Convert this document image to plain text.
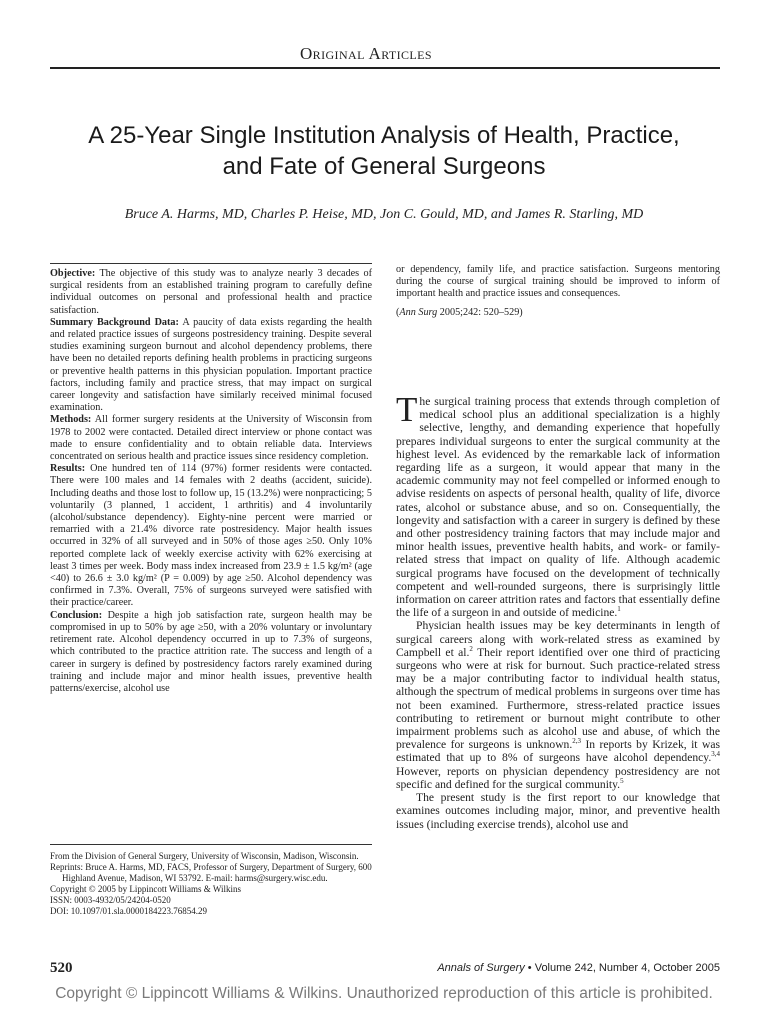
Original Articles
A 25-Year Single Institution Analysis of Health, Practice,
and Fate of General Surgeons
Bruce A. Harms, MD, Charles P. Heise, MD, Jon C. Gould, MD, and James R. Starling, MD

Objective: The objective of this study was to analyze nearly 3 decades of surgical residents from an established training program to carefully define individual outcomes on personal and professional health and practice satisfaction.

Summary Background Data: A paucity of data exists regarding the health and related practice issues of surgeons postresidency training. Despite several studies examining surgeon burnout and alcohol dependency problems, there have been no detailed reports defining health problems in practicing surgeons or preventive health patterns in this physician population. Important practice factors, including family and practice stress, that may impact on surgical career longevity and satisfaction have similarly received minimal focused examination.

Methods: All former surgery residents at the University of Wisconsin from 1978 to 2002 were contacted. Detailed direct interview or phone contact was made to ensure confidentiality and to obtain reliable data. Interviews concentrated on serious health and practice issues since residency completion.

Results: One hundred ten of 114 (97%) former residents were contacted. There were 100 males and 14 females with 2 deaths (accident, suicide). Including deaths and those lost to follow up, 15 (13.2%) were nonpracticing; 5 voluntarily (3 planned, 1 accident, 1 arthritis) and 4 involuntarily (alcohol/substance dependency). Eighty-nine percent were married or remarried with a 21.4% divorce rate postresidency. Major health issues occurred in 32% of all surveyed and in 50% of those ages ≥50. Only 10% reported complete lack of weekly exercise activity with 62% exercising at least 3 times per week. Body mass index increased from 23.9 ± 1.5 kg/m² (age <40) to 26.6 ± 3.0 kg/m² (P = 0.009) by age ≥50. Alcohol dependency was confirmed in 7.3%. Overall, 75% of surgeons surveyed were satisfied with their practice/career.

Conclusion: Despite a high job satisfaction rate, surgeon health may be compromised in up to 50% by age ≥50, with a 20% voluntary or involuntary retirement rate. Alcohol dependency occurred in up to 7.3% of surgeons, which contributed to the practice attrition rate. The success and length of a career in surgery is defined by postresidency factors rarely examined during training and include major and minor health issues, preventive health patterns/exercise, alcohol use

or dependency, family life, and practice satisfaction. Surgeons mentoring during the course of surgical training should be improved to inform of important health and practice issues and consequences.

(Ann Surg 2005;242: 520–529)

The surgical training process that extends through completion of medical school plus an additional specialization is a highly selective, lengthy, and demanding experience that hopefully prepares individual surgeons to enter the surgical community at the highest level. As evidenced by the remarkable lack of information regarding life as a surgeon, it would appear that many in the academic community may not feel compelled or informed enough to advise residents on aspects of personal health, quality of life, divorce rates, alcohol or substance abuse, and so on. Consequentially, the longevity and satisfaction with a career in surgery is defined by these and other postresidency training factors that may include major and minor health issues, preventive health habits, and work- or family-related stress that impact on quality of life. Although academic surgical programs have focused on the development of technically competent and well-rounded surgeons, there is surprisingly little information on career attrition rates and factors that essentially define the life of a surgeon in and outside of medicine.$^1$

Physician health issues may be key determinants in length of surgical careers along with work-related stress as examined by Campbell et al.$^2$ Their report identified over one third of practicing surgeons who were at risk for burnout. Such practice-related stress may be a major contributing factor to individual health status, although the spectrum of medical problems in surgeons over time has not been examined. Furthermore, stress-related practice issues contributing to retirement or burnout might contribute to other impairment problems such as alcohol use and abuse, of which the prevalence for surgeons is unknown.$^{2,3}$ In reports by Krizek, it was estimated that up to 8% of surgeons have alcohol dependency.$^{3,4}$ However, reports on physician dependency postresidency are not specific and defined for the surgical community.$^5$

The present study is the first report to our knowledge that examines outcomes including major, minor, and preventive health issues (including exercise trends), alcohol use and

From the Division of General Surgery, University of Wisconsin, Madison, Wisconsin.
Reprints: Bruce A. Harms, MD, FACS, Professor of Surgery, Department of Surgery, 600 Highland Avenue, Madison, WI 53792. E-mail: harms@surgery.wisc.edu.
Copyright © 2005 by Lippincott Williams & Wilkins
ISSN: 0003-4932/05/24204-0520
DOI: 10.1097/01.sla.0000184223.76854.29
520	Annals of Surgery • Volume 242, Number 4, October 2005
Copyright © Lippincott Williams & Wilkins. Unauthorized reproduction of this article is prohibited.
